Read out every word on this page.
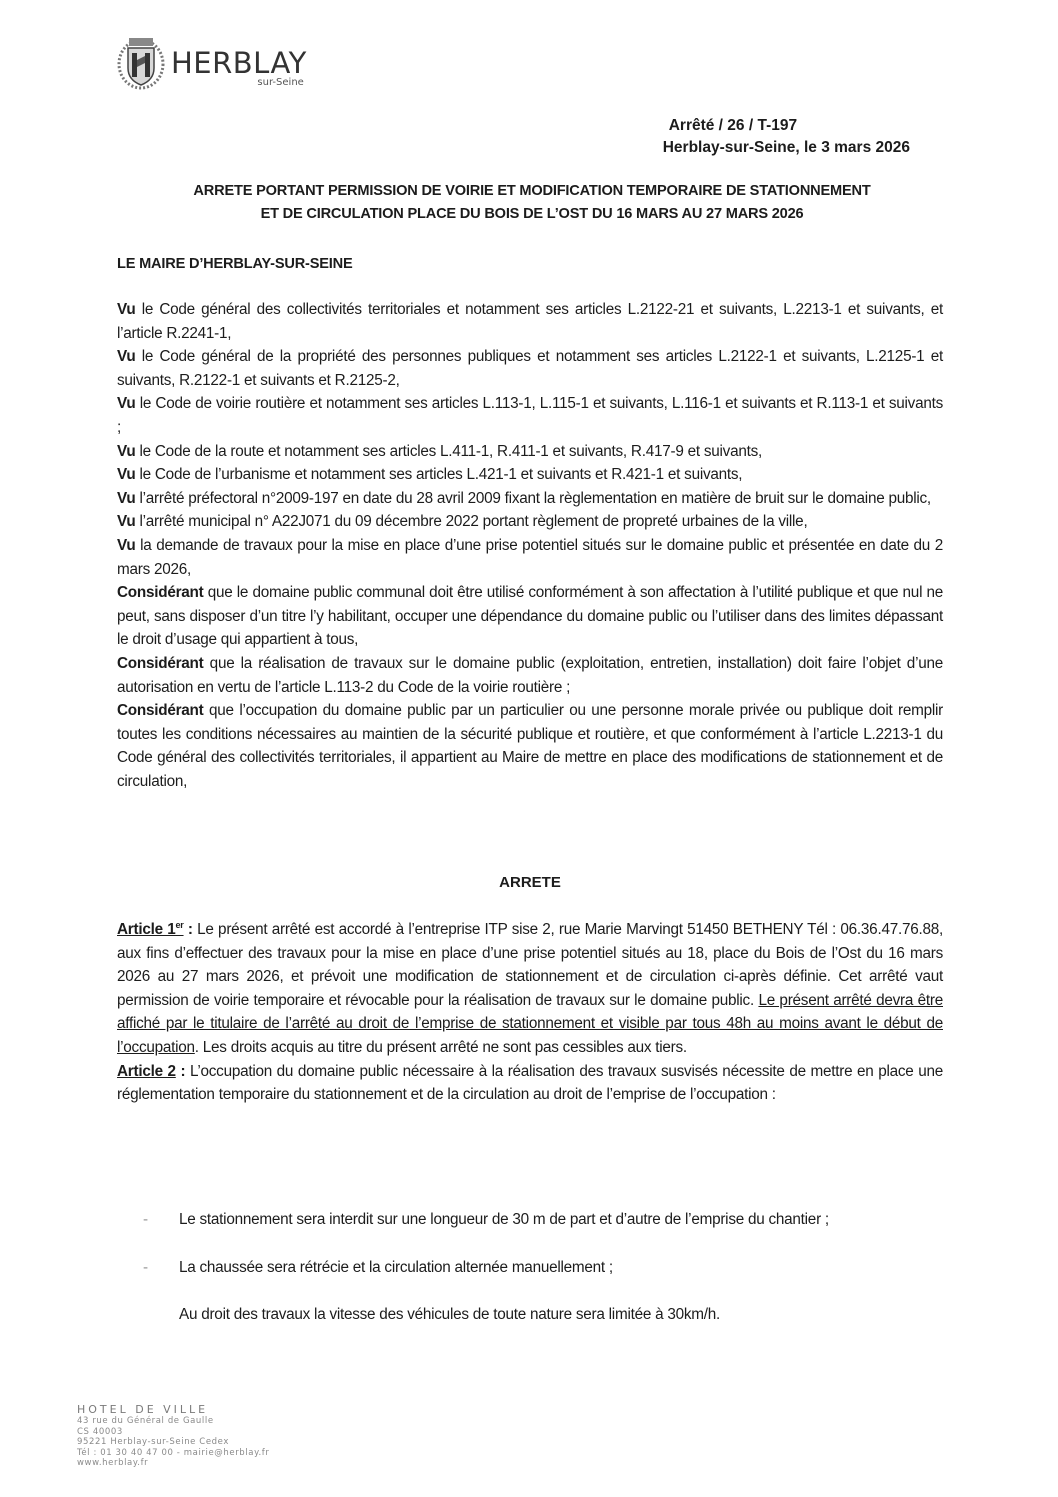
HERBLAY
sur-Seine
Arrêté / 26 / T-197
Herblay-sur-Seine, le 3 mars 2026
ARRETE PORTANT PERMISSION DE VOIRIE ET MODIFICATION TEMPORAIRE DE STATIONNEMENT
ET DE CIRCULATION PLACE DU BOIS DE L’OST DU 16 MARS AU 27 MARS 2026
LE MAIRE D’HERBLAY-SUR-SEINE

Vu le Code général des collectivités territoriales et notamment ses articles L.2122-21 et suivants, L.2213-1 et suivants, et l’article R.2241-1,

Vu le Code général de la propriété des personnes publiques et notamment ses articles L.2122-1 et suivants, L.2125-1 et suivants, R.2122-1 et suivants et R.2125-2,

Vu le Code de voirie routière et notamment ses articles L.113-1, L.115-1 et suivants, L.116-1 et suivants et R.113-1 et suivants ;

Vu le Code de la route et notamment ses articles L.411-1, R.411-1 et suivants, R.417-9 et suivants,

Vu le Code de l’urbanisme et notamment ses articles L.421-1 et suivants et R.421-1 et suivants,

Vu l’arrêté préfectoral n°2009-197 en date du 28 avril 2009 fixant la règlementation en matière de bruit sur le domaine public,

Vu l’arrêté municipal n° A22J071 du 09 décembre 2022 portant règlement de propreté urbaines de la ville,

Vu la demande de travaux pour la mise en place d’une prise potentiel situés sur le domaine public et présentée en date du 2 mars 2026,

Considérant que le domaine public communal doit être utilisé conformément à son affectation à l’utilité publique et que nul ne peut, sans disposer d’un titre l’y habilitant, occuper une dépendance du domaine public ou l’utiliser dans des limites dépassant le droit d’usage qui appartient à tous,

Considérant que la réalisation de travaux sur le domaine public (exploitation, entretien, installation) doit faire l’objet d’une autorisation en vertu de l’article L.113-2 du Code de la voirie routière ;

Considérant que l’occupation du domaine public par un particulier ou une personne morale privée ou publique doit remplir toutes les conditions nécessaires au maintien de la sécurité publique et routière, et que conformément à l’article L.2213-1 du Code général des collectivités territoriales, il appartient au Maire de mettre en place des modifications de stationnement et de circulation,

ARRETE

Article 1er : Le présent arrêté est accordé à l’entreprise ITP sise 2, rue Marie Marvingt 51450 BETHENY Tél : 06.36.47.76.88, aux fins d’effectuer des travaux pour la mise en place d’une prise potentiel situés au 18, place du Bois de l’Ost du 16 mars 2026 au 27 mars 2026, et prévoit une modification de stationnement et de circulation ci-après définie. Cet arrêté vaut permission de voirie temporaire et révocable pour la réalisation de travaux sur le domaine public. Le présent arrêté devra être affiché par le titulaire de l’arrêté au droit de l’emprise de stationnement et visible par tous 48h au moins avant le début de l’occupation. Les droits acquis au titre du présent arrêté ne sont pas cessibles aux tiers.

Article 2 : L’occupation du domaine public nécessaire à la réalisation des travaux susvisés nécessite de mettre en place une réglementation temporaire du stationnement et de la circulation au droit de l’emprise de l’occupation :

-	Le stationnement sera interdit sur une longueur de 30 m de part et d’autre de l’emprise du chantier ;
-	La chaussée sera rétrécie et la circulation alternée manuellement ;
Au droit des travaux la vitesse des véhicules de toute nature sera limitée à 30km/h.
HOTEL DE VILLE
43 rue du Général de Gaulle
CS 40003
95221 Herblay-sur-Seine Cedex
Tél : 01 30 40 47 00 - mairie@herblay.fr
www.herblay.fr
